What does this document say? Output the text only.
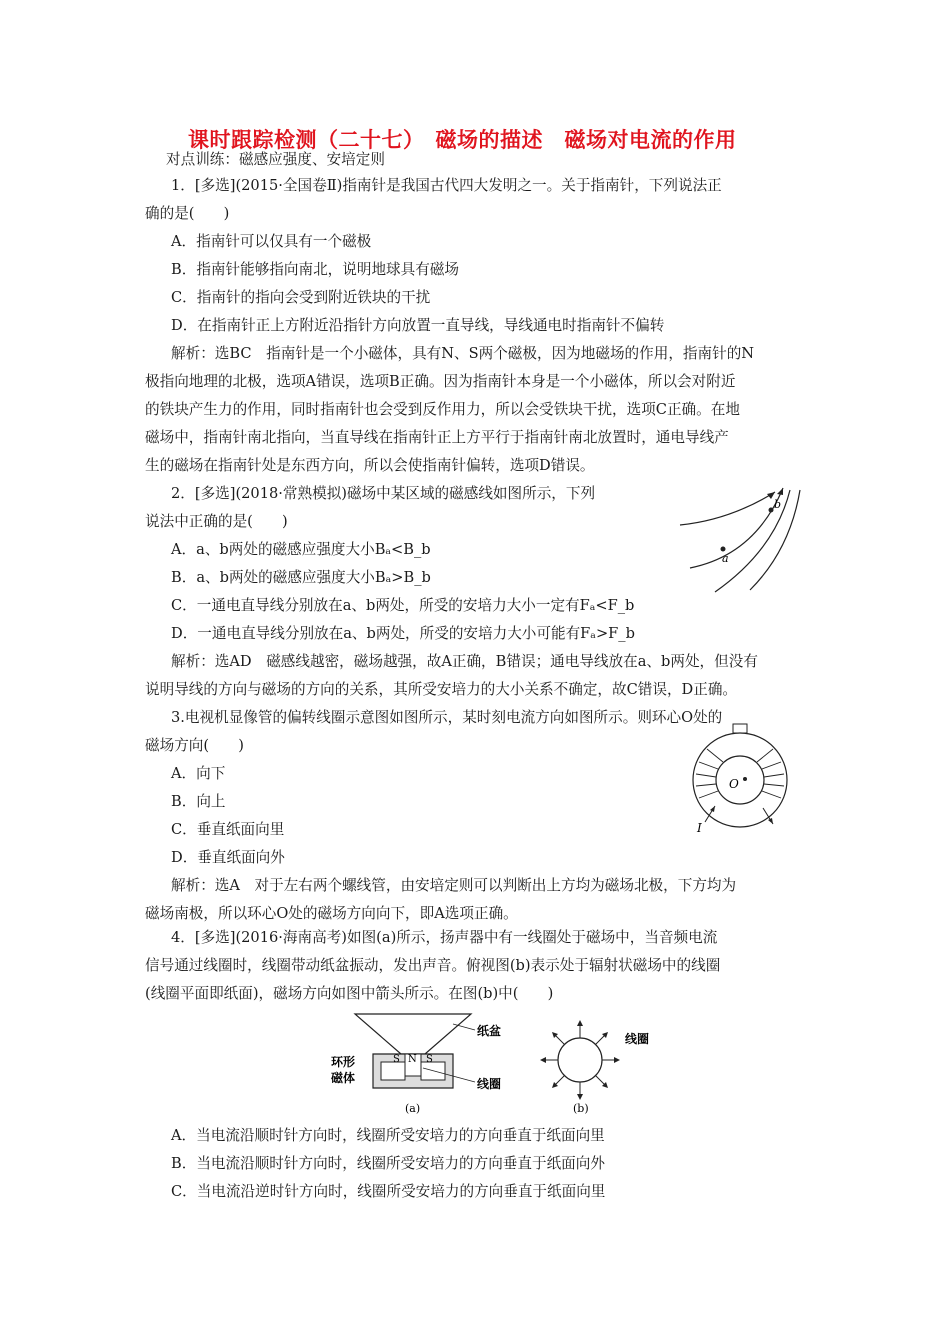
课时跟踪检测（二十七）　磁场的描述　磁场对电流的作用
对点训练：磁感应强度、安培定则
1．[多选](2015·全国卷Ⅱ)指南针是我国古代四大发明之一。关于指南针，下列说法正
确的是(　　)
A．指南针可以仅具有一个磁极
B．指南针能够指向南北，说明地球具有磁场
C．指南针的指向会受到附近铁块的干扰
D．在指南针正上方附近沿指针方向放置一直导线，导线通电时指南针不偏转
解析：选BC　指南针是一个小磁体，具有N、S两个磁极，因为地磁场的作用，指南针的N
极指向地理的北极，选项A错误，选项B正确。因为指南针本身是一个小磁体，所以会对附近
的铁块产生力的作用，同时指南针也会受到反作用力，所以会受铁块干扰，选项C正确。在地
磁场中，指南针南北指向，当直导线在指南针正上方平行于指南针南北放置时，通电导线产
生的磁场在指南针处是东西方向，所以会使指南针偏转，选项D错误。
2．[多选](2018·常熟模拟)磁场中某区域的磁感线如图所示，下列
说法中正确的是(　　)
A．a、b两处的磁感应强度大小Bₐ<B_b
B．a、b两处的磁感应强度大小Bₐ>B_b
C．一通电直导线分别放在a、b两处，所受的安培力大小一定有Fₐ<F_b
D．一通电直导线分别放在a、b两处，所受的安培力大小可能有Fₐ>F_b
解析：选AD　磁感线越密，磁场越强，故A正确，B错误；通电导线放在a、b两处，但没有
说明导线的方向与磁场的方向的关系，其所受安培力的大小关系不确定，故C错误，D正确。
b
a
3.电视机显像管的偏转线圈示意图如图所示，某时刻电流方向如图所示。则环心O处的
磁场方向(　　)
A．向下
B．向上
C．垂直纸面向里
D．垂直纸面向外
解析：选A　对于左右两个螺线管，由安培定则可以判断出上方均为磁场北极，下方均为
磁场南极，所以环心O处的磁场方向向下，即A选项正确。
O
I
4．[多选](2016·海南高考)如图(a)所示，扬声器中有一线圈处于磁场中，当音频电流
信号通过线圈时，线圈带动纸盆振动，发出声音。俯视图(b)表示处于辐射状磁场中的线圈
(线圈平面即纸面)，磁场方向如图中箭头所示。在图(b)中(　　)
纸盆
S N S
环形
磁体	线圈
(a)
线圈
(b)
A．当电流沿顺时针方向时，线圈所受安培力的方向垂直于纸面向里
B．当电流沿顺时针方向时，线圈所受安培力的方向垂直于纸面向外
C．当电流沿逆时针方向时，线圈所受安培力的方向垂直于纸面向里
